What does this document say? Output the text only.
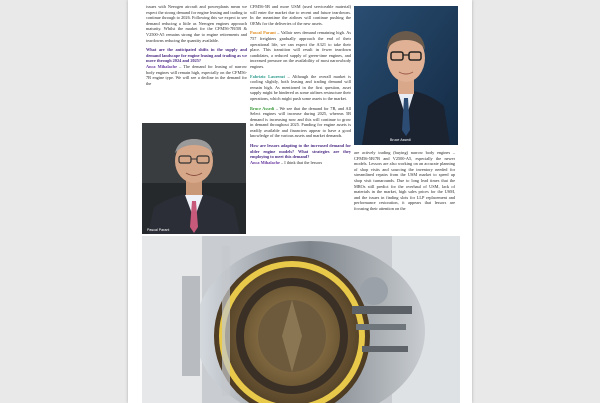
issues with Neeogen aircraft and powerplants mean we expect the strong demand for engine leasing and trading to continue through to 2026. Following this we expect to see demand reducing a little as Neeogen engines approach maturity. Whilst the market for the CFM56-7B/5B & V2500-A5 remains strong due to engine retirements and teardowns reducing the quantity available.

What are the anticipated shifts in the supply and demand landscape for engine leasing and trading as we move through 2024 and 2025?
Anca Mihalache – The demand for leasing of narrow body engines will remain high, especially on the CFM56-7B engine type. We will see a decline in the demand for the

CFM56-5B and more USM (used serviceable material) will enter the market due to recent and future teardowns. In the meantime the airlines will continue pushing the OEMs for the deliveries of the new assets.

Pascal Parant – Vallair sees demand remaining high. As 757 freighters gradually approach the end of their operational life, we can expect the A321 to take their place. This transition will result in fewer teardown candidates, a reduced supply of green-time engines, and increased pressure on the availability of most narrowbody engines.

Fabrizio Laurenzi – Although the overall market is cooling slightly, both leasing and trading demand will remain high. As mentioned in the first question, asset supply might be hindered as some airlines restructure their operations, which might push some assets to the market.

Bruce Assedi – We see that the demand for 7B, and All Select engines will increase during 2025, whereas 5B demand is increasing now and this will continue to grow in demand throughout 2025. Funding for engine assets is readily available and financiers appear to have a good knowledge of the various assets and market demands.

How are lessors adapting to the increased demand for older engine models? What strategies are they employing to meet this demand?
Anca Mihalache – I think that the lessors

are actively trading (buying) narrow body engines – CFM56-5B/7B and V2500-A5, especially the newer models. Lessors are also working on an accurate planning of shop visits and sourcing the inventory needed for streamlined repairs from the USM market to speed up shop visit turnarounds. Due to long lead times that the MROs still predict for the overhaul of USM, lack of materials in the market, high sales prices for the USM, and the issues in finding slots for LLP replacement and performance restoration, it appears that lessors are focusing their attention on the

Bruce Assedi
Pascal Parant
